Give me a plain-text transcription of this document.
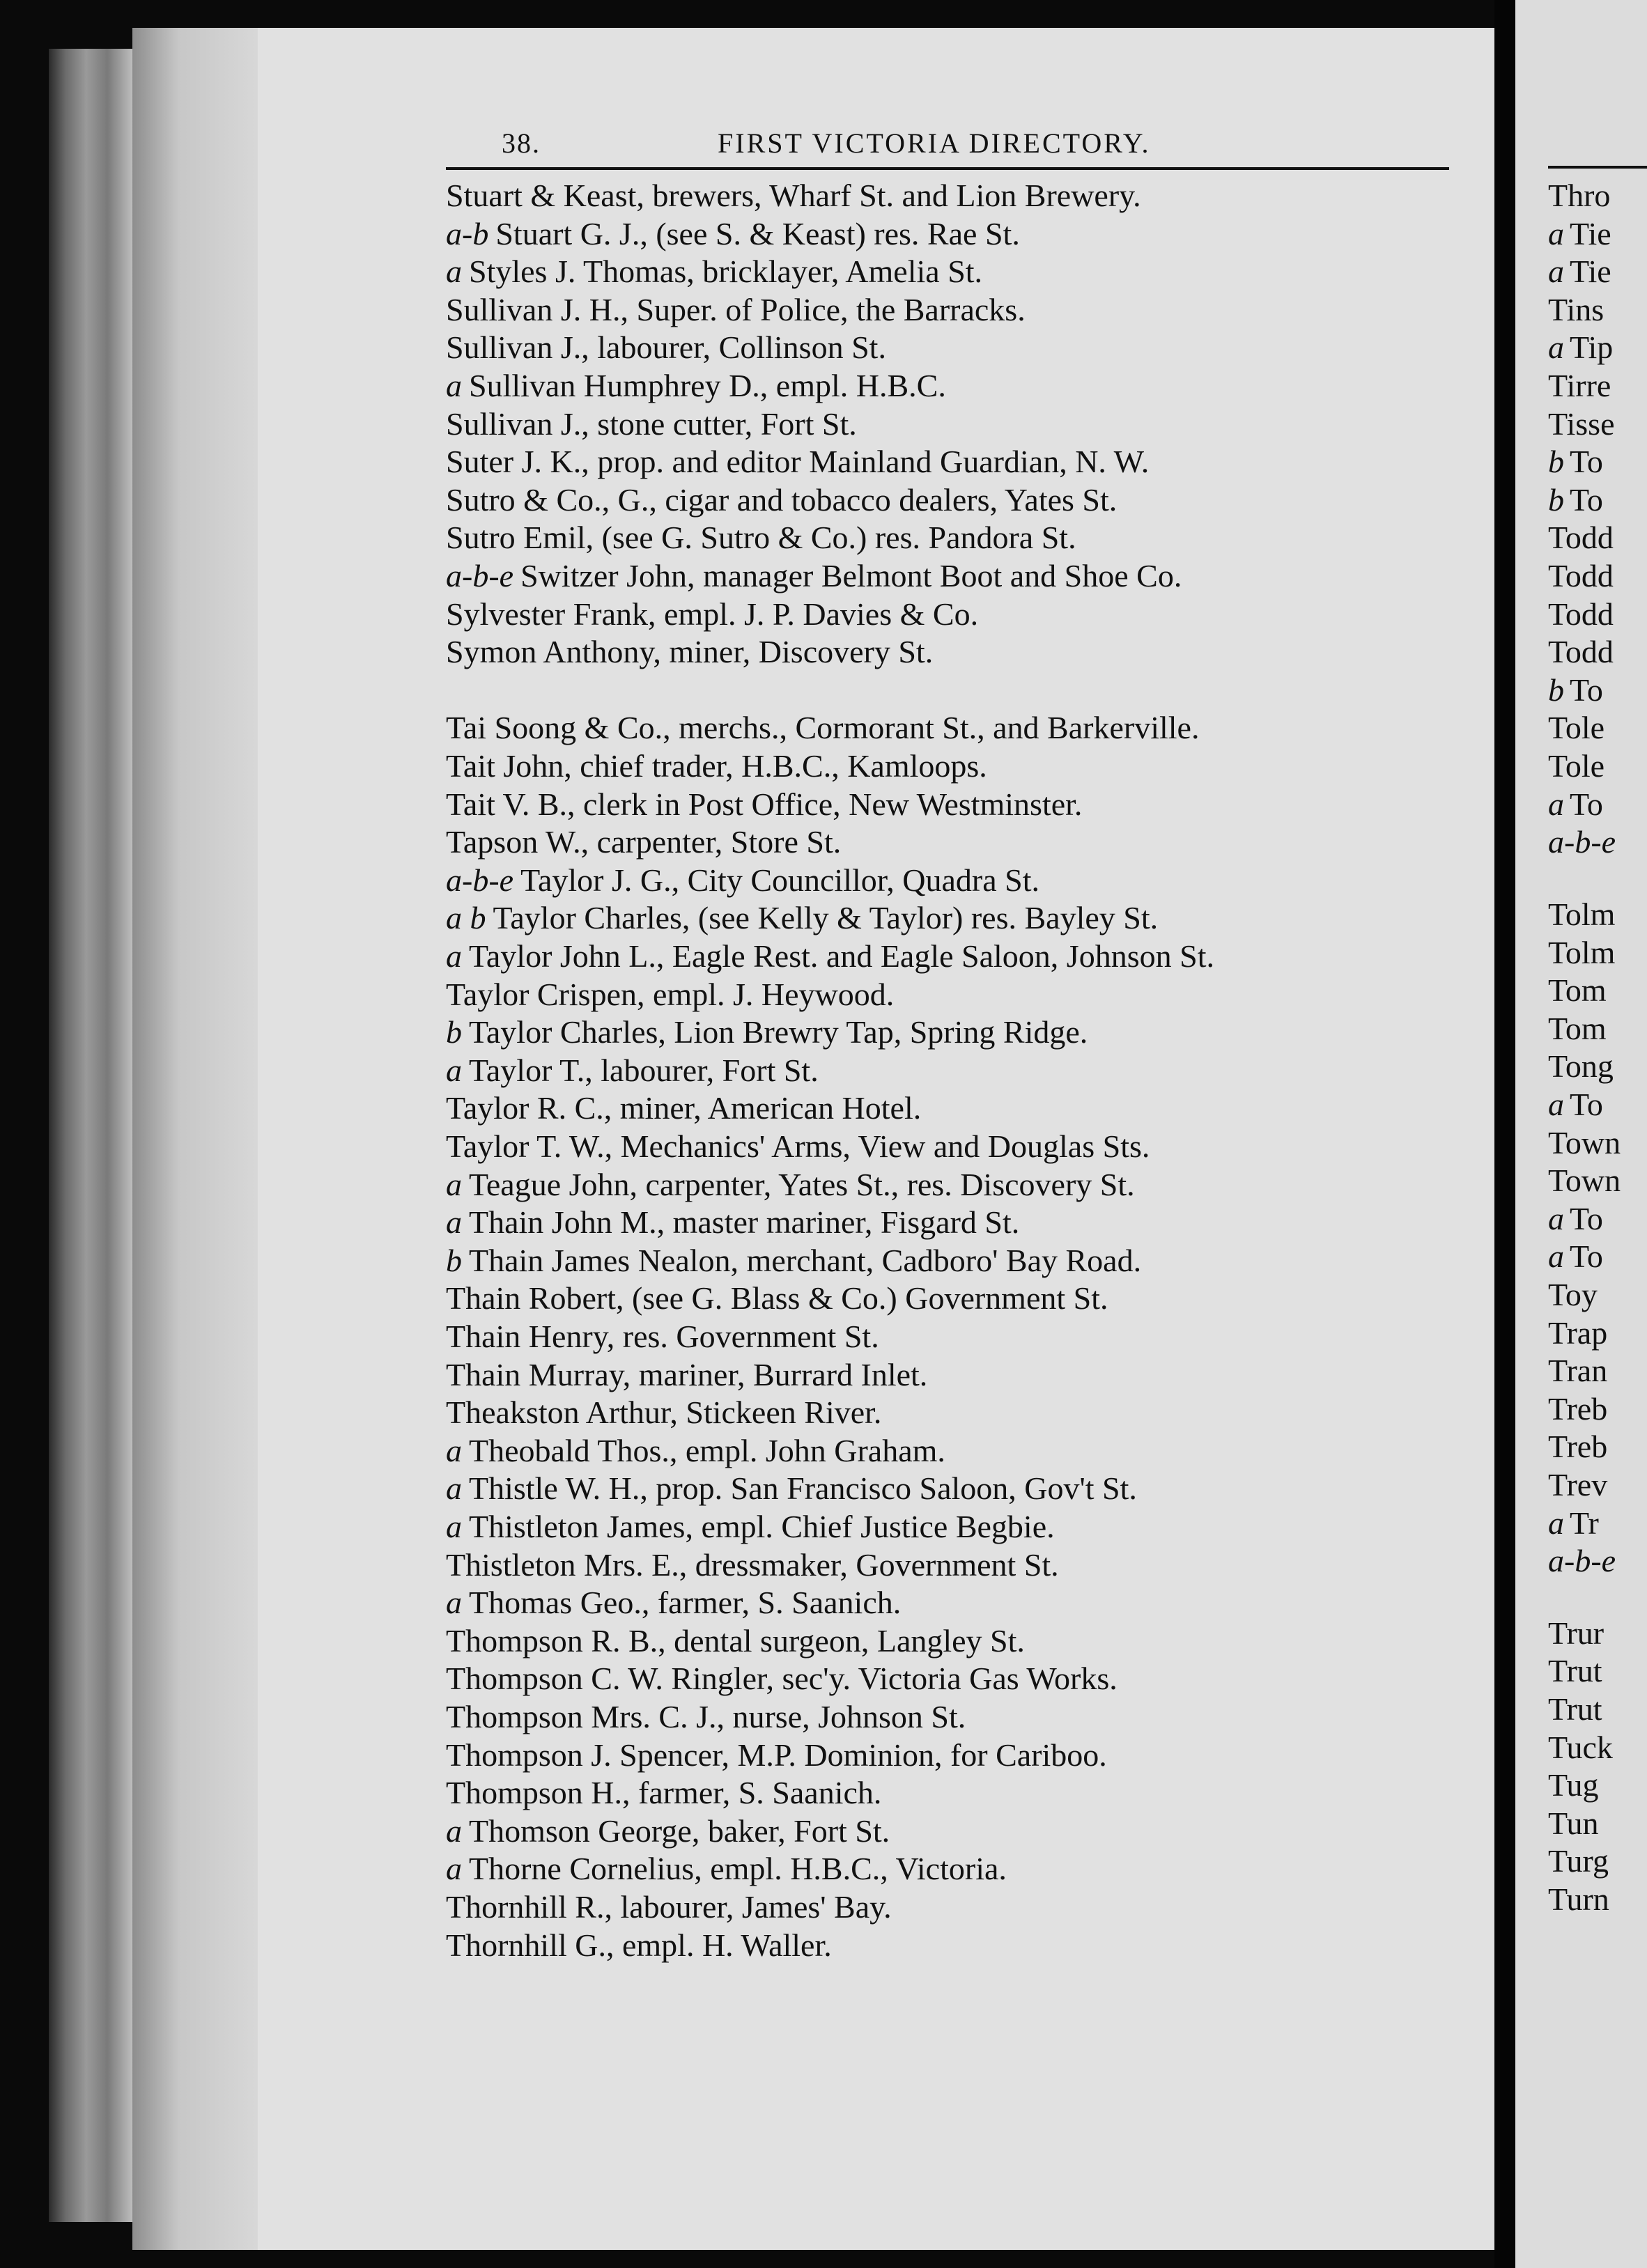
38.	FIRST VICTORIA DIRECTORY.
Stuart & Keast, brewers, Wharf St. and Lion Brewery.
a-b Stuart G. J., (see S. & Keast) res. Rae St.
a Styles J. Thomas, bricklayer, Amelia St.
Sullivan J. H., Super. of Police, the Barracks.
Sullivan J., labourer, Collinson St.
a Sullivan Humphrey D., empl. H.B.C.
Sullivan J., stone cutter, Fort St.
Suter J. K., prop. and editor Mainland Guardian, N. W.
Sutro & Co., G., cigar and tobacco dealers, Yates St.
Sutro Emil, (see G. Sutro & Co.) res. Pandora St.
a-b-e Switzer John, manager Belmont Boot and Shoe Co.
Sylvester Frank, empl. J. P. Davies & Co.
Symon Anthony, miner, Discovery St.
Tai Soong & Co., merchs., Cormorant St., and Barkerville.
Tait John, chief trader, H.B.C., Kamloops.
Tait V. B., clerk in Post Office, New Westminster.
Tapson W., carpenter, Store St.
a-b-e Taylor J. G., City Councillor, Quadra St.
a b Taylor Charles, (see Kelly & Taylor) res. Bayley St.
a Taylor John L., Eagle Rest. and Eagle Saloon, Johnson St.
Taylor Crispen, empl. J. Heywood.
b Taylor Charles, Lion Brewry Tap, Spring Ridge.
a Taylor T., labourer, Fort St.
Taylor R. C., miner, American Hotel.
Taylor T. W., Mechanics' Arms, View and Douglas Sts.
a Teague John, carpenter, Yates St., res. Discovery St.
a Thain John M., master mariner, Fisgard St.
b Thain James Nealon, merchant, Cadboro' Bay Road.
Thain Robert, (see G. Blass & Co.) Government St.
Thain Henry, res. Government St.
Thain Murray, mariner, Burrard Inlet.
Theakston Arthur, Stickeen River.
a Theobald Thos., empl. John Graham.
a Thistle W. H., prop. San Francisco Saloon, Gov't St.
a Thistleton James, empl. Chief Justice Begbie.
Thistleton Mrs. E., dressmaker, Government St.
a Thomas Geo., farmer, S. Saanich.
Thompson R. B., dental surgeon, Langley St.
Thompson C. W. Ringler, sec'y. Victoria Gas Works.
Thompson Mrs. C. J., nurse, Johnson St.
Thompson J. Spencer, M.P. Dominion, for Cariboo.
Thompson H., farmer, S. Saanich.
a Thomson George, baker, Fort St.
a Thorne Cornelius, empl. H.B.C., Victoria.
Thornhill R., labourer, James' Bay.
Thornhill G., empl. H. Waller.
Thro
a Tie
a Tie
Tins
a Tip
Tirre
Tisse
b To
b To
Todd
Todd
Todd
Todd
b To
Tole
Tole
a To
a-b-e
Tolm
Tolm
Tom
Tom
Tong
a To
Town
Town
a To
a To
Toy
Trap
Tran
Treb
Treb
Trev
a Tr
a-b-e
Trur
Trut
Trut
Tuck
Tug
Tun
Turg
Turn
